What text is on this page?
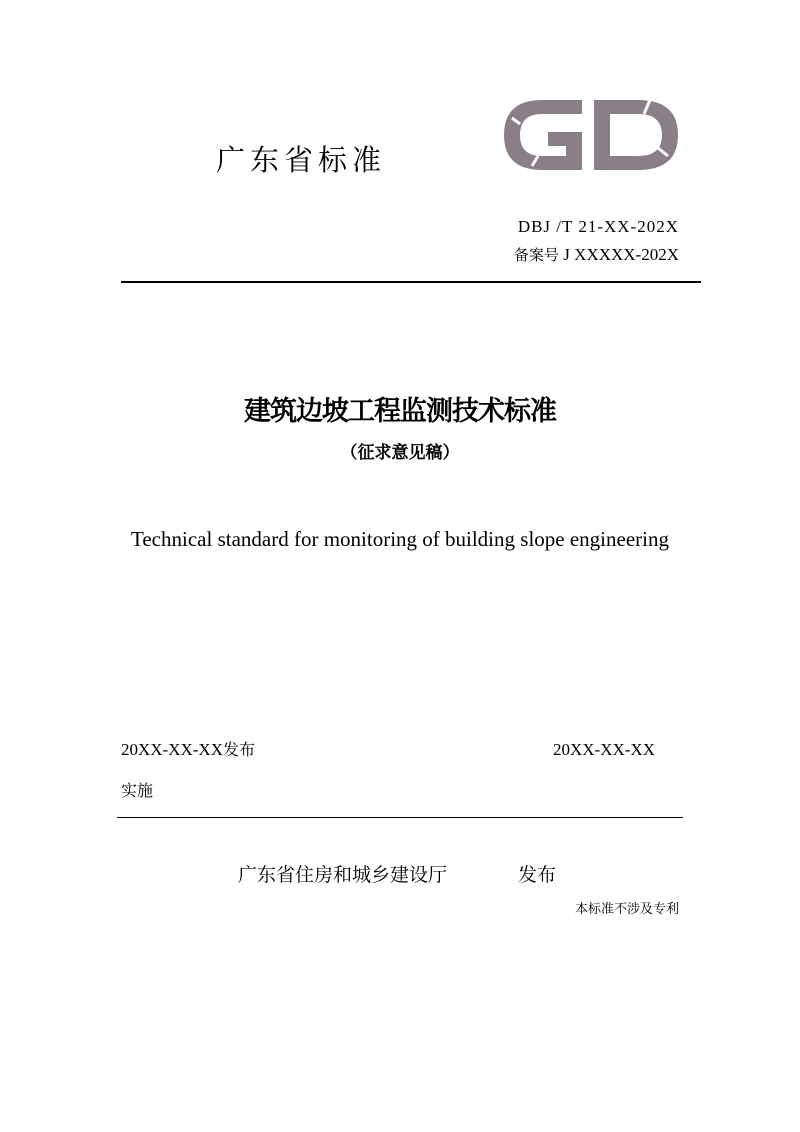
广东省标准
DBJ /T 21-XX-202X
备案号 J XXXXX-202X
建筑边坡工程监测技术标准
（征求意见稿）
Technical standard for monitoring of building slope engineering
20XX-XX-XX发布	20XX-XX-XX
实施
广东省住房和城乡建设厅	发布
本标准不涉及专利
